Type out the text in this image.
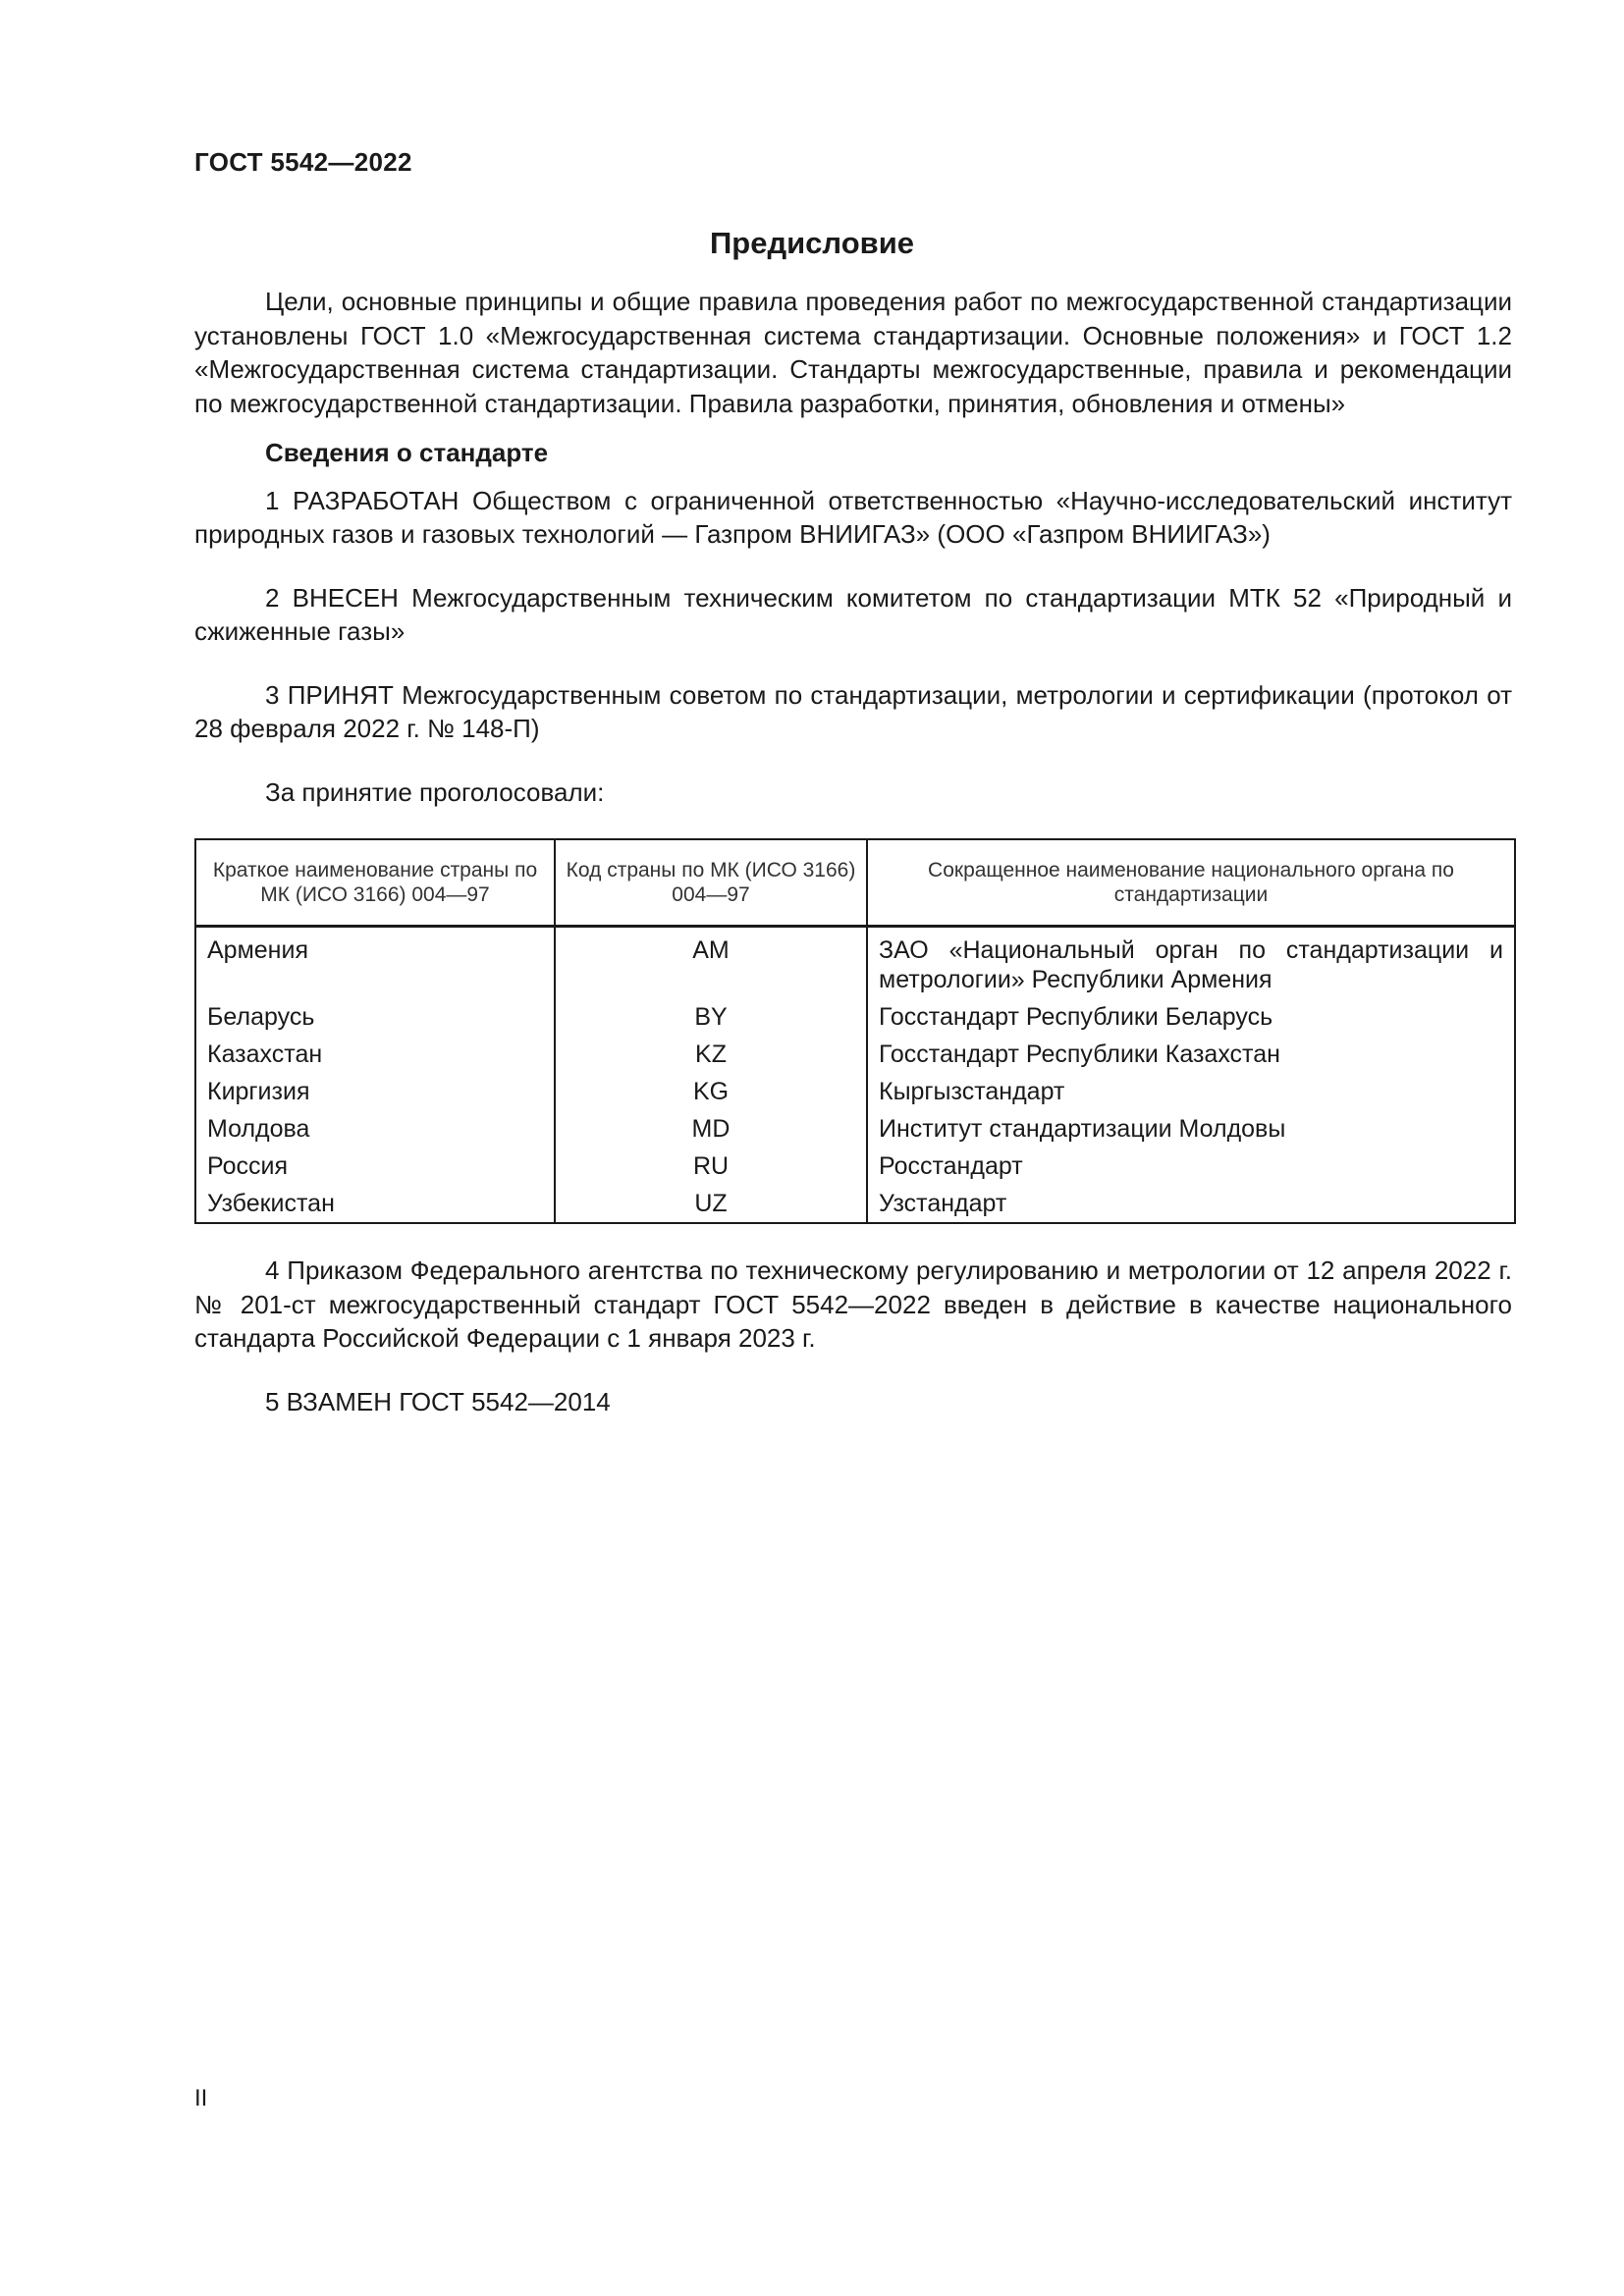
ГОСТ 5542—2022
Предисловие

Цели, основные принципы и общие правила проведения работ по межгосударственной стандартизации установлены ГОСТ 1.0 «Межгосударственная система стандартизации. Основные положения» и ГОСТ 1.2 «Межгосударственная система стандартизации. Стандарты межгосударственные, правила и рекомендации по межгосударственной стандартизации. Правила разработки, принятия, обновления и отмены»

Сведения о стандарте

1 РАЗРАБОТАН Обществом с ограниченной ответственностью «Научно-исследовательский институт природных газов и газовых технологий — Газпром ВНИИГАЗ» (ООО «Газпром ВНИИГАЗ»)

2 ВНЕСЕН Межгосударственным техническим комитетом по стандартизации МТК 52 «Природный и сжиженные газы»

3 ПРИНЯТ Межгосударственным советом по стандартизации, метрологии и сертификации (протокол от 28 февраля 2022 г. № 148-П)

За принятие проголосовали:

Краткое наименование страны по МК (ИСО 3166) 004—97	Код страны по МК (ИСО 3166) 004—97	Сокращенное наименование национального органа по стандартизации
Армения	AM	ЗАО «Национальный орган по стандартизации и метрологии» Республики Армения
Беларусь	BY	Госстандарт Республики Беларусь
Казахстан	KZ	Госстандарт Республики Казахстан
Киргизия	KG	Кыргызстандарт
Молдова	MD	Институт стандартизации Молдовы
Россия	RU	Росстандарт
Узбекистан	UZ	Узстандарт

4 Приказом Федерального агентства по техническому регулированию и метрологии от 12 апреля 2022 г. № 201-ст межгосударственный стандарт ГОСТ 5542—2022 введен в действие в качестве национального стандарта Российской Федерации с 1 января 2023 г.

5 ВЗАМЕН ГОСТ 5542—2014

II
